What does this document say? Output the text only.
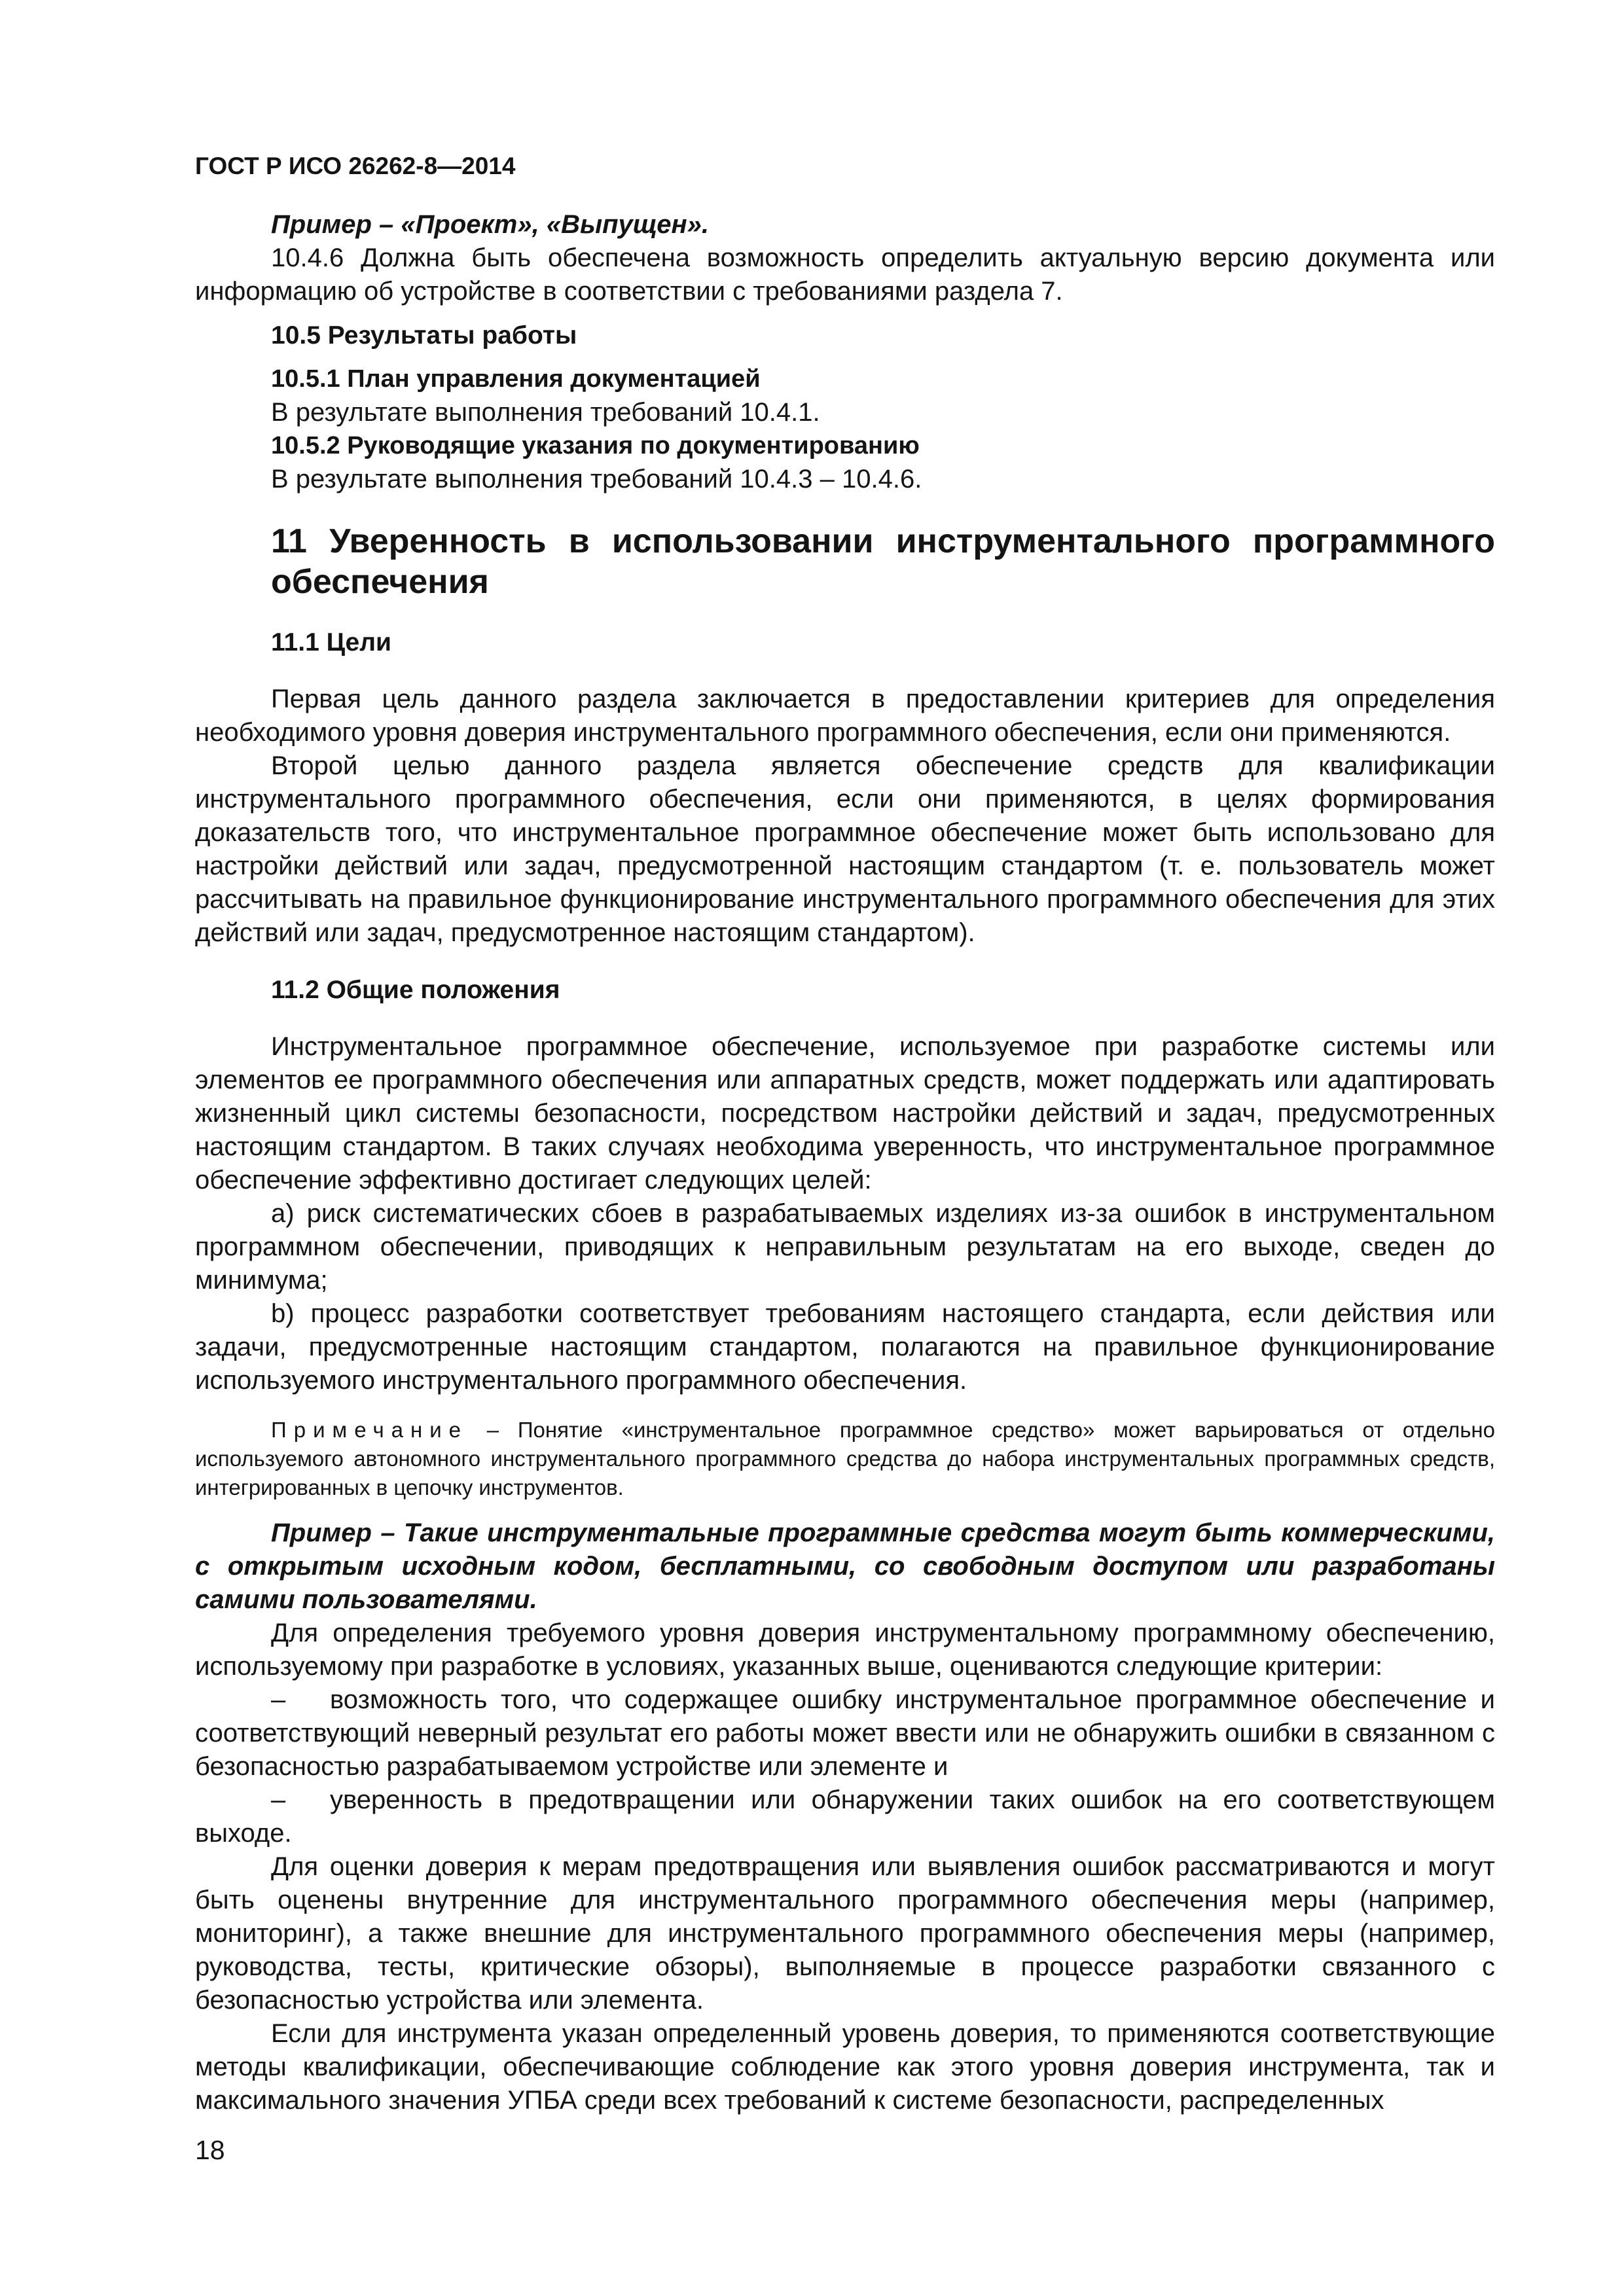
ГОСТ Р ИСО 26262-8—2014

Пример – «Проект», «Выпущен».

10.4.6 Должна быть обеспечена возможность определить актуальную версию документа или информацию об устройстве в соответствии с требованиями раздела 7.

10.5 Результаты работы

10.5.1 План управления документацией

В результате выполнения требований 10.4.1.

10.5.2 Руководящие указания по документированию

В результате выполнения требований 10.4.3 – 10.4.6.

11 Уверенность в использовании инструментального программного обеспечения

11.1 Цели

Первая цель данного раздела заключается в предоставлении критериев для определения необходимого уровня доверия инструментального программного обеспечения, если они применяются.

Второй целью данного раздела является обеспечение средств для квалификации инструментального программного обеспечения, если они применяются, в целях формирования доказательств того, что инструментальное программное обеспечение может быть использовано для настройки действий или задач, предусмотренной настоящим стандартом (т. е. пользователь может рассчитывать на правильное функционирование инструментального программного обеспечения для этих действий или задач, предусмотренное настоящим стандартом).

11.2 Общие положения

Инструментальное программное обеспечение, используемое при разработке системы или элементов ее программного обеспечения или аппаратных средств, может поддержать или адаптировать жизненный цикл системы безопасности, посредством настройки действий и задач, предусмотренных настоящим стандартом. В таких случаях необходима уверенность, что инструментальное программное обеспечение эффективно достигает следующих целей:

a) риск систематических сбоев в разрабатываемых изделиях из-за ошибок в инструментальном программном обеспечении, приводящих к неправильным результатам на его выходе, сведен до минимума;

b) процесс разработки соответствует требованиям настоящего стандарта, если действия или задачи, предусмотренные настоящим стандартом, полагаются на правильное функционирование используемого инструментального программного обеспечения.

Примечание – Понятие «инструментальное программное средство» может варьироваться от отдельно используемого автономного инструментального программного средства до набора инструментальных программных средств, интегрированных в цепочку инструментов.

Пример – Такие инструментальные программные средства могут быть коммерческими, с открытым исходным кодом, бесплатными, со свободным доступом или разработаны самими пользователями.

Для определения требуемого уровня доверия инструментальному программному обеспечению, используемому при разработке в условиях, указанных выше, оцениваются следующие критерии:

– возможность того, что содержащее ошибку инструментальное программное обеспечение и соответствующий неверный результат его работы может ввести или не обнаружить ошибки в связанном с безопасностью разрабатываемом устройстве или элементе и

– уверенность в предотвращении или обнаружении таких ошибок на его соответствующем выходе.

Для оценки доверия к мерам предотвращения или выявления ошибок рассматриваются и могут быть оценены внутренние для инструментального программного обеспечения меры (например, мониторинг), а также внешние для инструментального программного обеспечения меры (например, руководства, тесты, критические обзоры), выполняемые в процессе разработки связанного с безопасностью устройства или элемента.

Если для инструмента указан определенный уровень доверия, то применяются соответствующие методы квалификации, обеспечивающие соблюдение как этого уровня доверия инструмента, так и максимального значения УПБА среди всех требований к системе безопасности, распределенных

18
